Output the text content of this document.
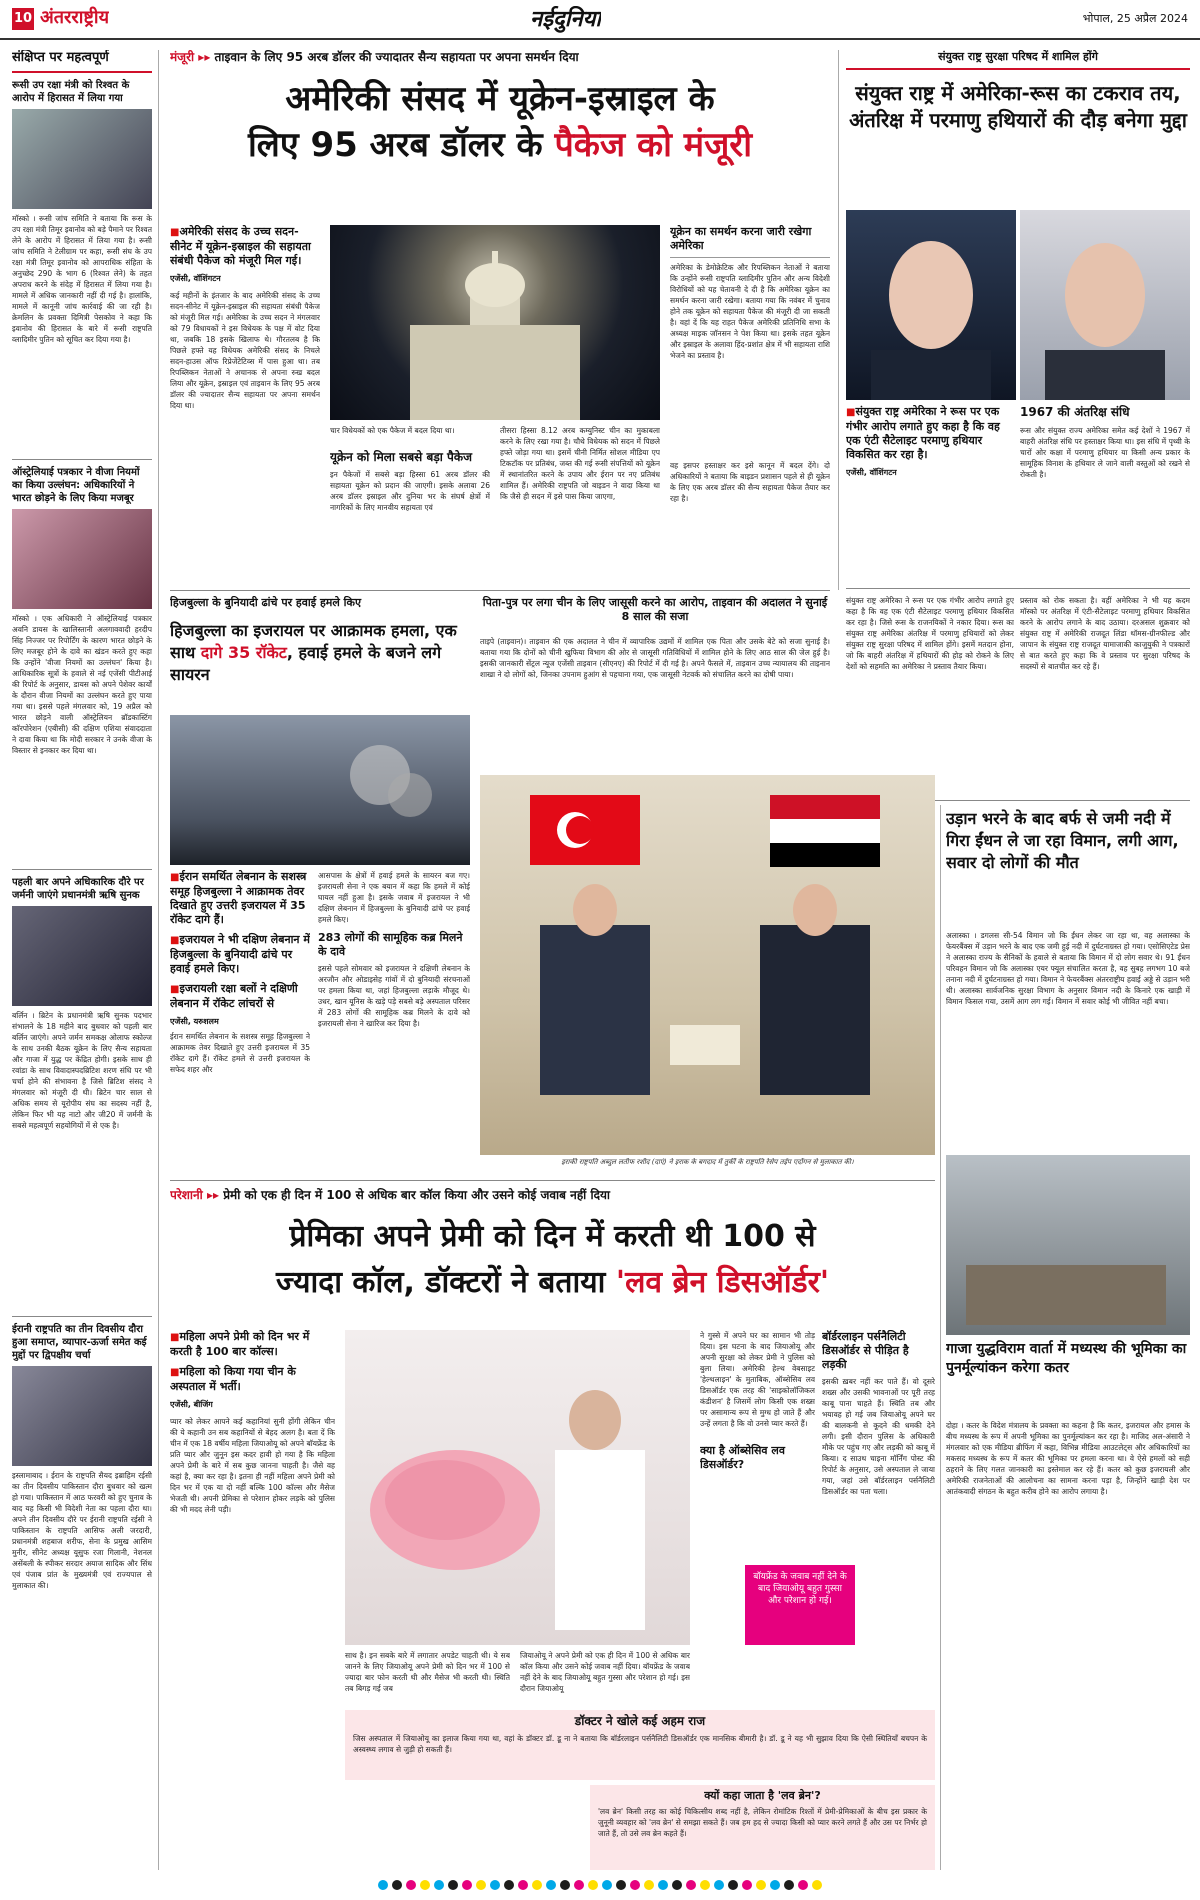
10 अंतरराष्ट्रीय	नईदुनिया	भोपाल, 25 अप्रैल 2024
संक्षिप्त पर महत्वपूर्ण
रूसी उप रक्षा मंत्री को रिश्वत के आरोप में हिरासत में लिया गया
मॉस्को । रूसी जांच समिति ने बताया कि रूस के उप रक्षा मंत्री तिमूर इवानोव को बड़े पैमाने पर रिश्वत लेने के आरोप में हिरासत में लिया गया है। रूसी जांच समिति ने टेलीग्राम पर कहा, रूसी संघ के उप रक्षा मंत्री तिमूर इवानोव को आपराधिक संहिता के अनुच्छेद 290 के भाग 6 (रिश्वत लेने) के तहत अपराध करने के संदेह में हिरासत में लिया गया है। मामले में अधिक जानकारी नहीं दी गई है। हालांकि, मामले में कानूनी जांच कार्रवाई की जा रही है। क्रेमलिन के प्रवक्ता दिमित्री पेसकोव ने कहा कि इवानोव की हिरासत के बारे में रूसी राष्ट्रपति व्लादिमीर पुतिन को सूचित कर दिया गया है।
ऑस्ट्रेलियाई पत्रकार ने वीजा नियमों का किया उल्लंघन: अधिकारियों ने भारत छोड़ने के लिए किया मजबूर
मॉस्को । एक अधिकारी ने ऑस्ट्रेलियाई पत्रकार अवनि डायस के खालिस्तानी अलगाववादी हरदीप सिंह निज्जर पर रिपोर्टिंग के कारण भारत छोड़ने के लिए मजबूर होने के दावे का खंडन करते हुए कहा कि उन्होंने 'वीजा नियमों का उल्लंघन' किया है। आधिकारिक सूत्रों के हवाले से नई एजेंसी पीटीआई की रिपोर्ट के अनुसार, डायस को अपने पेशेवर कार्यों के दौरान वीजा नियमों का उल्लंघन करते हुए पाया गया था। इससे पहले मंगलवार को, 19 अप्रैल को भारत छोड़ने वाली ऑस्ट्रेलियन ब्रॉडकास्टिंग कॉरपोरेशन (एबीसी) की दक्षिण एशिया संवाददाता ने दावा किया था कि मोदी सरकार ने उनके वीजा के विस्तार से इनकार कर दिया था।
पहली बार अपने अधिकारिक दौरे पर जर्मनी जाएंगे प्रधानमंत्री ऋषि सुनक
बर्लिन । ब्रिटेन के प्रधानमंत्री ऋषि सुनक पदभार संभालने के 18 महीने बाद बुधवार को पहली बार बर्लिन जाएंगे। अपने जर्मन समकक्ष ओलाफ स्कोल्ज के साथ उनकी बैठक यूक्रेन के लिए सैन्य सहायता और गाजा में युद्ध पर केंद्रित होगी। इसके साथ ही रवांडा के साथ विवादास्पदब्रिटिश शरण संधि पर भी चर्चा होने की संभावना है जिसे ब्रिटिश संसद ने मंगलवार को मंजूरी दी थी। ब्रिटेन चार साल से अधिक समय से यूरोपीय संघ का सदस्य नहीं है, लेकिन फिर भी यह नाटो और जी20 में जर्मनी के सबसे महत्वपूर्ण सहयोगियों में से एक है।
ईरानी राष्ट्रपति का तीन दिवसीय दौरा हुआ समाप्त, व्यापार-ऊर्जा समेत कई मुद्दों पर द्विपक्षीय चर्चा
इस्लामाबाद । ईरान के राष्ट्रपति सैयद इब्राहिम रईसी का तीन दिवसीय पाकिस्तान दौरा बुधवार को खत्म हो गया। पाकिस्तान में आठ फरवरी को हुए चुनाव के बाद यह किसी भी विदेशी नेता का पहला दौरा था। अपने तीन दिवसीय दौरे पर ईरानी राष्ट्रपति रईसी ने पाकिस्तान के राष्ट्रपति आसिफ अली जरदारी, प्रधानमंत्री शहबाज शरीफ, सेना के प्रमुख आसिम मुनीर, सीनेट अध्यक्ष यूसुफ रजा गिलानी, नेशनल असेंबली के स्पीकर सरदार अयाज सादिक और सिंध एवं पंजाब प्रांत के मुख्यमंत्री एवं राज्यपाल से मुलाकात की।
मंजूरी ▸▸ ताइवान के लिए 95 अरब डॉलर की ज्यादातर सैन्य सहायता पर अपना समर्थन दिया
अमेरिकी संसद में यूक्रेन-इस्राइल के
लिए 95 अरब डॉलर के पैकेज को मंजूरी
■ अमेरिकी संसद के उच्च सदन-सीनेट में यूक्रेन-इस्राइल की सहायता संबंधी पैकेज को मंजूरी मिल गई।
एजेंसी, वॉशिंगटन
कई महीनों के इंतजार के बाद अमेरिकी संसद के उच्च सदन-सीनेट में यूक्रेन-इस्राइल की सहायता संबंधी पैकेज को मंजूरी मिल गई। अमेरिका के उच्च सदन ने मंगलवार को 79 विधायकों ने इस विधेयक के पक्ष में वोट दिया था, जबकि 18 इसके खिलाफ थे। गौरतलब है कि पिछले हफ्ते यह विधेयक अमेरिकी संसद के निचले सदन-हाउस ऑफ रिप्रेजेंटेटिव्स में पास हुआ था। तब रिपब्लिकन नेताओं ने अचानक से अपना रुख बदल लिया और यूक्रेन, इस्राइल एवं ताइवान के लिए 95 अरब डॉलर की ज्यादातर सैन्य सहायता पर अपना समर्थन दिया था।
चार विधेयकों को एक पैकेज में बदल दिया था।
यूक्रेन को मिला सबसे बड़ा पैकेज
इन पैकेजों में सबसे बड़ा हिस्सा 61 अरब डॉलर की सहायता यूक्रेन को प्रदान की जाएगी। इसके अलावा 26 अरब डॉलर इस्राइल और दुनिया भर के संघर्ष क्षेत्रों में नागरिकों के लिए मानवीय सहायता एवं
तीसरा हिस्सा 8.12 अरब कम्युनिस्ट चीन का मुकाबला करने के लिए रखा गया है। चौथे विधेयक को सदन में पिछले हफ्ते जोड़ा गया था। इसमें चीनी निर्मित सोशल मीडिया एप टिकटॉक पर प्रतिबंध, जब्त की गई रूसी संपत्तियों को यूक्रेन में स्थानांतरित करने के उपाय और ईरान पर नए प्रतिबंध शामिल हैं। अमेरिकी राष्ट्रपति जो बाइडन ने वादा किया था कि जैसे ही सदन में इसे पास किया जाएगा,
यूक्रेन का समर्थन करना जारी रखेगा अमेरिका
अमेरिका के डेमोक्रेटिक और रिपब्लिकन नेताओं ने बताया कि उन्होंने रूसी राष्ट्रपति व्लादिमीर पुतिन और अन्य विदेशी विरोधियों को यह चेतावनी दे दी है कि अमेरिका यूक्रेन का समर्थन करना जारी रखेगा। बताया गया कि नवंबर में चुनाव होने तक यूक्रेन को सहायता पैकेज की मंजूरी दी जा सकती है। वहां दें कि यह राहत पैकेज अमेरिकी प्रतिनिधि सभा के अध्यक्ष माइक जॉनसन ने पेश किया था। इसके तहत यूक्रेन और इस्राइल के अलावा हिंद-प्रशांत क्षेत्र में भी सहायता राशि भेजने का प्रस्ताव है।
वह इसपर हस्ताक्षर कर इसे कानून में बदल देंगे। दो अधिकारियों ने बताया कि बाइडन प्रशासन पहले से ही यूक्रेन के लिए एक अरब डॉलर की सैन्य सहायता पैकेज तैयार कर रहा है।
संयुक्त राष्ट्र सुरक्षा परिषद में शामिल होंगे
संयुक्त राष्ट्र में अमेरिका-रूस का टकराव तय, अंतरिक्ष में परमाणु हथियारों की दौड़ बनेगा मुद्दा
■ संयुक्त राष्ट्र अमेरिका ने रूस पर एक गंभीर आरोप लगाते हुए कहा है कि वह एक एंटी सैटेलाइट परमाणु हथियार विकसित कर रहा है।
एजेंसी, वॉशिंगटन
1967 की अंतरिक्ष संधि
रूस और संयुक्त राज्य अमेरिका समेत कई देशों ने 1967 में बाहरी अंतरिक्ष संधि पर हस्ताक्षर किया था। इस संधि में पृथ्वी के चारों ओर कक्षा में परमाणु हथियार या किसी अन्य प्रकार के सामूहिक विनाश के हथियार ले जाने वाली वस्तुओं को रखने से रोकती है।
संयुक्त राष्ट्र अमेरिका ने रूस पर एक गंभीर आरोप लगाते हुए कहा है कि वह एक एंटी सैटेलाइट परमाणु हथियार विकसित कर रहा है। जिसे रूस के राजनयिकों ने नकार दिया। रूस का संयुक्त राष्ट्र अमेरिका अंतरिक्ष में परमाणु हथियारों को लेकर संयुक्त राष्ट्र सुरक्षा परिषद में शामिल होंगे। इसमें मतदान होना, जो कि बाहरी अंतरिक्ष में हथियारों की होड़ को रोकने के लिए देशों को सहमति का अमेरिका ने प्रस्ताव तैयार किया।
प्रस्ताव को रोक सकता है। वहीं अमेरिका ने भी यह कदम मॉस्को पर अंतरिक्ष में एंटी-सैटेलाइट परमाणु हथियार विकसित करने के आरोप लगाने के बाद उठाया। दरअसल शुक्रवार को संयुक्त राष्ट्र में अमेरिकी राजदूत लिंडा थॉमस-ग्रीनफील्ड और जापान के संयुक्त राष्ट्र राजदूत यामाजाकी काजुयुकी ने पत्रकारों से बात करते हुए कहा कि वे प्रस्ताव पर सुरक्षा परिषद के सदस्यों से बातचीत कर रहे हैं।
हिजबुल्ला के बुनियादी ढांचे पर हवाई हमले किए
हिजबुल्ला का इजरायल पर आक्रामक हमला, एक साथ दागे 35 रॉकेट, हवाई हमले के बजने लगे सायरन
■ ईरान समर्थित लेबनान के सशस्त्र समूह हिजबुल्ला ने आक्रामक तेवर दिखाते हुए उत्तरी इजरायल में 35 रॉकेट दागे हैं।
■ इजरायल ने भी दक्षिण लेबनान में हिजबुल्ला के बुनियादी ढांचे पर हवाई हमले किए।
■ इजरायली रक्षा बलों ने दक्षिणी लेबनान में रॉकेट लांचरों से
एजेंसी, यरुशलम
ईरान समर्थित लेबनान के सशस्त्र समूह हिजबुल्ला ने आक्रामक तेवर दिखाते हुए उत्तरी इजरायल में 35 रॉकेट दागे हैं। रॉकेट हमले से उत्तरी इजरायल के सफेद शहर और
आसपास के क्षेत्रों में हवाई हमले के सायरन बज गए। इजरायली सेना ने एक बयान में कहा कि हमले में कोई घायल नहीं हुआ है। इसके जवाब में इजरायल ने भी दक्षिण लेबनान में हिजबुल्ला के बुनियादी ढांचे पर हवाई हमले किए।
283 लोगों की सामूहिक कब्र मिलने के दावे
इससे पहले सोमवार को इजरायल ने दक्षिणी लेबनान के अरजौन और ओडाइसेह गांवों में दो बुनियादी संरचनाओं पर हमला किया था, जहां हिजबुल्ला लड़ाके मौजूद थे। उधर, खान यूनिस के खड़े पड़े सबसे बड़े अस्पताल परिसर में 283 लोगों की सामूहिक कब्र मिलने के दावे को इजरायली सेना ने खारिज कर दिया है।
पिता-पुत्र पर लगा चीन के लिए जासूसी करने का आरोप, ताइवान की अदालत ने सुनाई 8 साल की सजा
ताइपे (ताइवान)। ताइवान की एक अदालत ने चीन में व्यापारिक उद्यमों में शामिल एक पिता और उसके बेटे को सजा सुनाई है। बताया गया कि दोनों को चीनी खुफिया विभाग की ओर से जासूसी गतिविधियों में शामिल होने के लिए आठ साल की जेल हुई है। इसकी जानकारी सेंट्रल न्यूज एजेंसी ताइवान (सीएनए) की रिपोर्ट में दी गई है। अपने फैसले में, ताइवान उच्च न्यायालय की ताइनान शाखा ने दो लोगों को, जिनका उपनाम हुआंग से पहचाना गया, एक जासूसी नेटवर्क को संचालित करने का दोषी पाया।
इराकी राष्ट्रपति अब्दुल लतीफ रशीद (दाएं) ने इराक के बगदाद में तुर्की के राष्ट्रपति रेसेप तईप एर्दोगन से मुलाकात की।
उड़ान भरने के बाद बर्फ से जमी नदी में गिरा ईंधन ले जा रहा विमान, लगी आग, सवार दो लोगों की मौत
अलास्का । डगलस सी-54 विमान जो कि ईंधन लेकर जा रहा था, वह अलास्का के फेयरबैंक्स में उड़ान भरने के बाद एक जमी हुई नदी में दुर्घटनाग्रस्त हो गया। एसोसिएटेड प्रेस ने अलास्का राज्य के सैनिकों के हवाले से बताया कि विमान में दो लोग सवार थे। 91 ईंधन परिवहन विमान जो कि अलास्का एयर फ्यूल संचालित करता है, वह सुबह लगभग 10 बजे तनाना नदी में दुर्घटनाग्रस्त हो गया। विमान ने फेयरबैंक्स अंतरराष्ट्रीय हवाई अड्डे से उड़ान भरी थी। अलास्का सार्वजनिक सुरक्षा विभाग के अनुसार विमान नदी के किनारे एक खाड़ी में विमान फिसल गया, उसमें आग लग गई। विमान में सवार कोई भी जीवित नहीं बचा।
गाजा युद्धविराम वार्ता में मध्यस्थ की भूमिका का पुनर्मूल्यांकन करेगा कतर
दोहा । कतर के विदेश मंत्रालय के प्रवक्ता का कहना है कि कतर, इजरायल और हमास के बीच मध्यस्थ के रूप में अपनी भूमिका का पुनर्मूल्यांकन कर रहा है। माजिद अल-अंसारी ने मंगलवार को एक मीडिया ब्रीफिंग में कहा, विभिन्न मीडिया आउटलेट्स और अधिकारियों का मकसद मध्यस्थ के रूप में कतर की भूमिका पर हमला करना था। वे ऐसे हमलों को सही ठहराने के लिए गलत जानकारी का इस्तेमाल कर रहे हैं। कतर को कुछ इजरायली और अमेरिकी राजनेताओं की आलोचना का सामना करना पड़ा है, जिन्होंने खाड़ी देश पर आतंकवादी संगठन के बहुत करीब होने का आरोप लगाया है।
परेशानी ▸▸ प्रेमी को एक ही दिन में 100 से अधिक बार कॉल किया और उसने कोई जवाब नहीं दिया
प्रेमिका अपने प्रेमी को दिन में करती थी 100 से
ज्यादा कॉल, डॉक्टरों ने बताया 'लव ब्रेन डिसऑर्डर'
■ महिला अपने प्रेमी को दिन भर में करती है 100 बार कॉल्स।
■ महिला को किया गया चीन के अस्पताल में भर्ती।
एजेंसी, बीजिंग
प्यार को लेकर आपने कई कहानियां सुनी होंगी लेकिन चीन की ये कहानी उन सब कहानियों से बेहद अलग है। बता दें कि चीन में एक 18 वर्षीय महिला जियाओयू को अपने बॉयफ्रेंड के प्रति प्यार और जुनून इस कदर हावी हो गया है कि महिला अपने प्रेमी के बारे में सब कुछ जानना चाहती है। जैसे वह कहां है, क्या कर रहा है। इतना ही नहीं महिला अपने प्रेमी को दिन भर में एक या दो नहीं बल्कि 100 कॉल्स और मैसेज भेजती थी। अपनी प्रेमिका से परेशान होकर लड़के को पुलिस की भी मदद लेनी पड़ी।
साथ है। इन सबके बारे में लगातार अपडेट चाहती थी। ये सब जानने के लिए जियाओयू अपने प्रेमी को दिन भर में 100 से ज्यादा बार फोन करती थी और मैसेज भी करती थी। स्थिति तब बिगड़ गई जब
जियाओयू ने अपने प्रेमी को एक ही दिन में 100 से अधिक बार कॉल किया और उसने कोई जवाब नहीं दिया। बॉयफ्रेंड के जवाब नहीं देने के बाद जियाओयू बहुत गुस्सा और परेशान हो गई। इस दौरान जियाओयू
ने गुस्से में अपने घर का सामान भी तोड़ दिया। इस घटना के बाद जियाओयू और अपनी सुरक्षा को लेकर प्रेमी ने पुलिस को बुला लिया। अमेरिकी हेल्थ वेबसाइट 'हेल्थलाइन' के मुताबिक, ऑब्सेसिव लव डिसऑर्डर एक तरह की 'साइकोलॉजिकल कंडीशन' है जिसमें लोग किसी एक शख्स पर असामान्य रूप से मुग्ध हो जाते हैं और उन्हें लगता है कि वो उनसे प्यार करते हैं।
क्या है ऑब्सेसिव लव डिसऑर्डर?
बॉयफ्रेंड के जवाब नहीं देने के बाद जियाओयू बहुत गुस्सा और परेशान हो गई।
बॉर्डरलाइन पर्सनैलिटी डिसऑर्डर से पीड़ित है लड़की
इसकी ख़बर नहीं कर पाते हैं। वो दूसरे शख्स और उसकी भावनाओं पर पूरी तरह काबू पाना चाहते हैं। स्थिति तब और भयावह हो गई जब जियाओयू अपने घर की बालकनी से कूदने की धमकी देने लगी। इसी दौरान पुलिस के अधिकारी मौके पर पहुंच गए और लड़की को काबू में किया। द साउथ चाइना मॉर्निंग पोस्ट की रिपोर्ट के अनुसार, उसे अस्पताल ले जाया गया, जहां उसे बॉर्डरलाइन पर्सनैलिटी डिसऑर्डर का पता चला।
डॉक्टर ने खोले कई अहम राज
जिस अस्पताल में जियाओयू का इलाज किया गया था, वहां के डॉक्टर डॉ. डू ना ने बताया कि बॉर्डरलाइन पर्सनैलिटी डिसऑर्डर एक मानसिक बीमारी है। डॉ. डू ने यह भी सुझाव दिया कि ऐसी स्थितियाँ बचपन के अस्वस्थ्य लगाव से जुड़ी हो सकती हैं।
क्यों कहा जाता है 'लव ब्रेन'?
'लव ब्रेन' किसी तरह का कोई चिकित्सीय शब्द नहीं है, लेकिन रोमांटिक रिश्तों में प्रेमी-प्रेमिकाओं के बीच इस प्रकार के जुनूनी व्यवहार को 'लव ब्रेन' से समझा सकते हैं। जब हम हद से ज्यादा किसी को प्यार करने लगते हैं और उस पर निर्भर हो जाते हैं, तो उसे लव ब्रेन कहते हैं।
